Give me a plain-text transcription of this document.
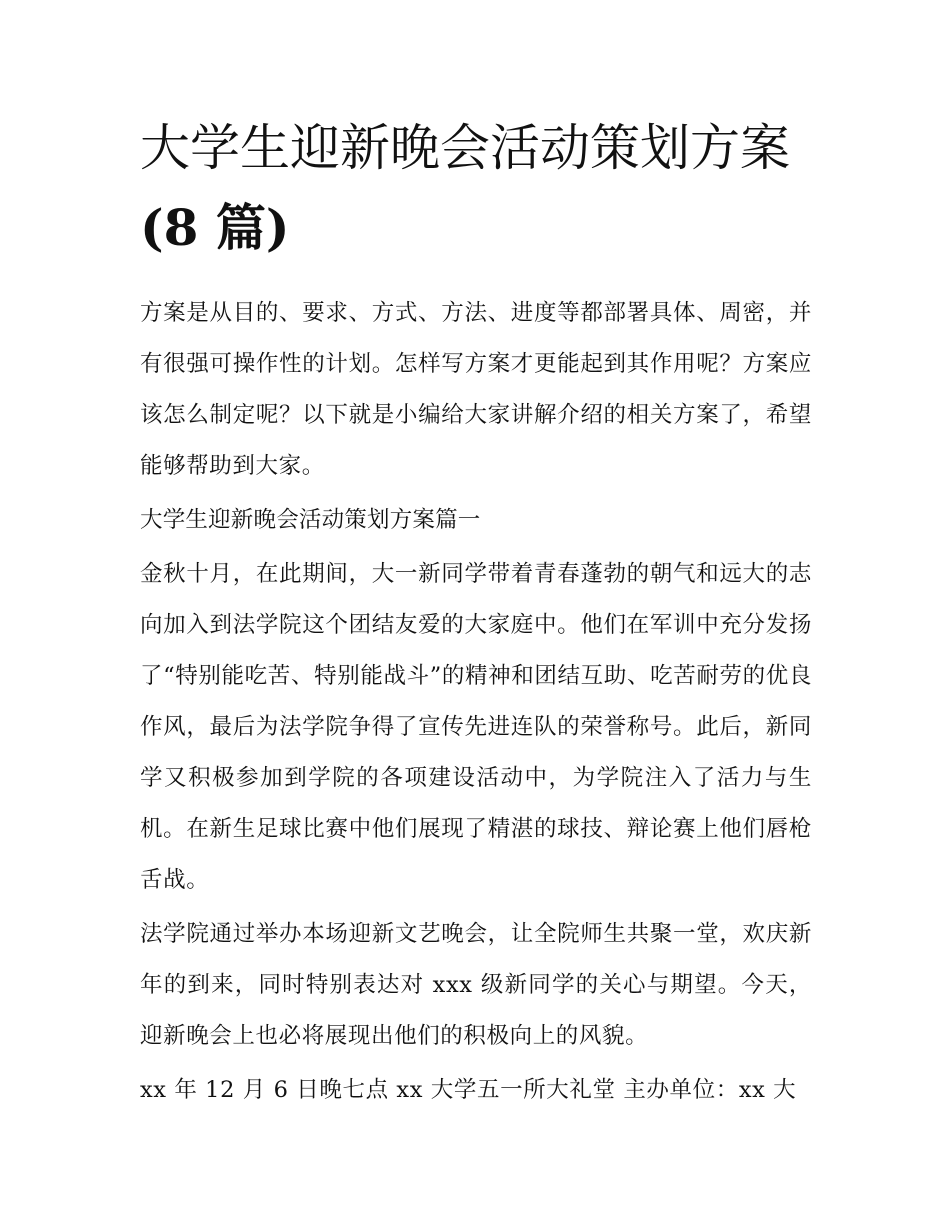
大学生迎新晚会活动策划方案
(8 篇)

方案是从目的、要求、方式、方法、进度等都部署具体、周密，并有很强可操作性的计划。怎样写方案才更能起到其作用呢？方案应该怎么制定呢？以下就是小编给大家讲解介绍的相关方案了，希望能够帮助到大家。

大学生迎新晚会活动策划方案篇一

金秋十月，在此期间，大一新同学带着青春蓬勃的朝气和远大的志向加入到法学院这个团结友爱的大家庭中。他们在军训中充分发扬了“特别能吃苦、特别能战斗”的精神和团结互助、吃苦耐劳的优良作风，最后为法学院争得了宣传先进连队的荣誉称号。此后，新同学又积极参加到学院的各项建设活动中，为学院注入了活力与生机。在新生足球比赛中他们展现了精湛的球技、辩论赛上他们唇枪舌战。

法学院通过举办本场迎新文艺晚会，让全院师生共聚一堂，欢庆新年的到来，同时特别表达对 xxx 级新同学的关心与期望。今天，迎新晚会上也必将展现出他们的积极向上的风貌。

xx 年 12 月 6 日晚七点 xx 大学五一所大礼堂 主办单位：xx 大
